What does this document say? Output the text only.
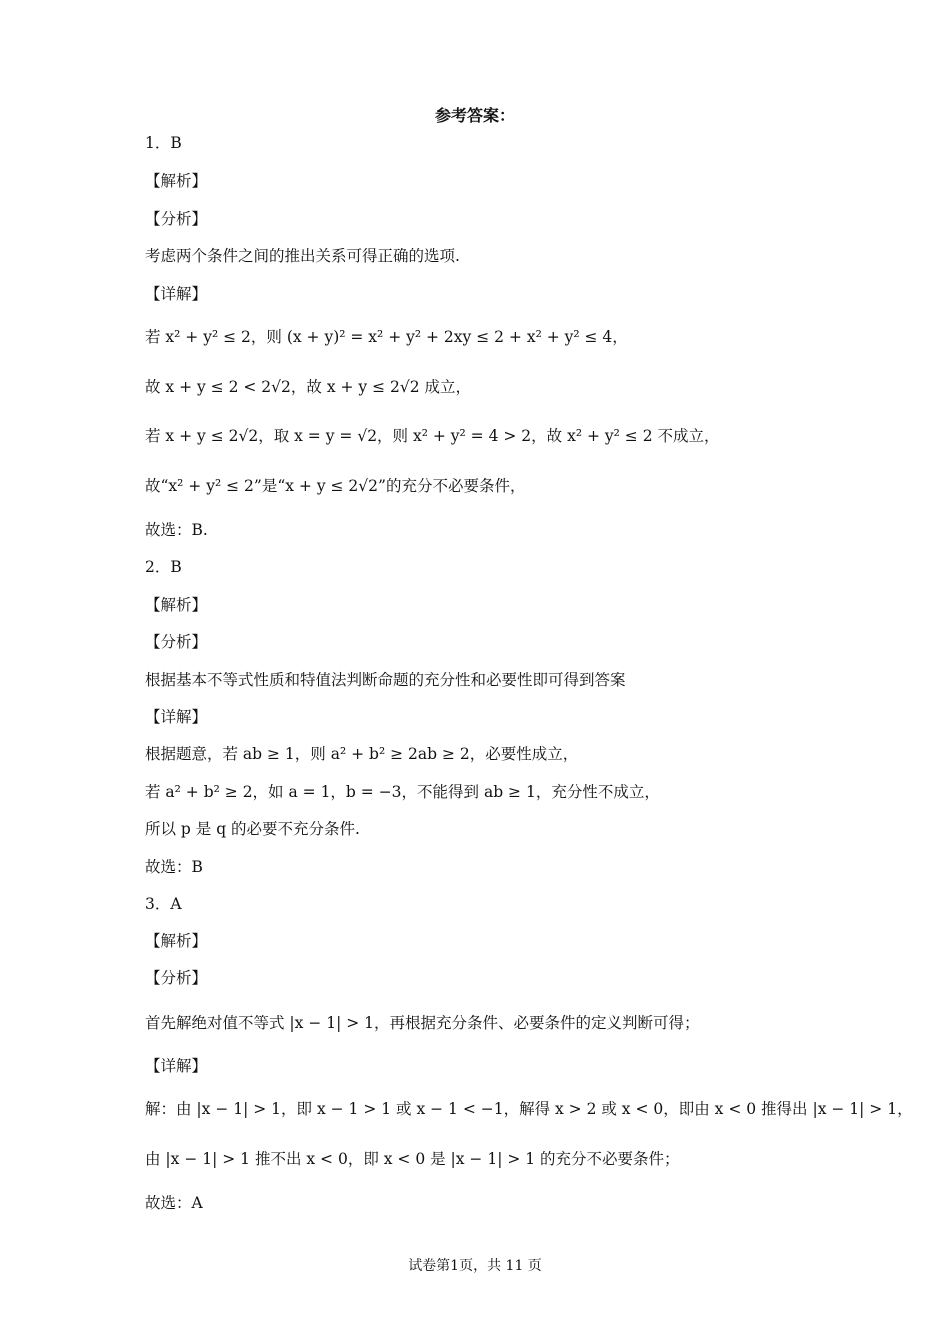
参考答案：
1．B
【解析】
【分析】
考虑两个条件之间的推出关系可得正确的选项.
【详解】
若 x² + y² ≤ 2，则 (x + y)² = x² + y² + 2xy ≤ 2 + x² + y² ≤ 4，
故 x + y ≤ 2 < 2√2，故 x + y ≤ 2√2 成立，
若 x + y ≤ 2√2，取 x = y = √2，则 x² + y² = 4 > 2，故 x² + y² ≤ 2 不成立，
故“x² + y² ≤ 2”是“x + y ≤ 2√2”的充分不必要条件，
故选：B.
2．B
【解析】
【分析】
根据基本不等式性质和特值法判断命题的充分性和必要性即可得到答案
【详解】
根据题意，若 ab ≥ 1，则 a² + b² ≥ 2ab ≥ 2，必要性成立，
若 a² + b² ≥ 2，如 a = 1，b = −3，不能得到 ab ≥ 1，充分性不成立，
所以 p 是 q 的必要不充分条件.
故选：B
3．A
【解析】
【分析】
首先解绝对值不等式 |x − 1| > 1，再根据充分条件、必要条件的定义判断可得；
【详解】
解：由 |x − 1| > 1，即 x − 1 > 1 或 x − 1 < −1，解得 x > 2 或 x < 0，即由 x < 0 推得出 |x − 1| > 1，
由 |x − 1| > 1 推不出 x < 0，即 x < 0 是 |x − 1| > 1 的充分不必要条件；
故选：A
试卷第1页，共 11 页
